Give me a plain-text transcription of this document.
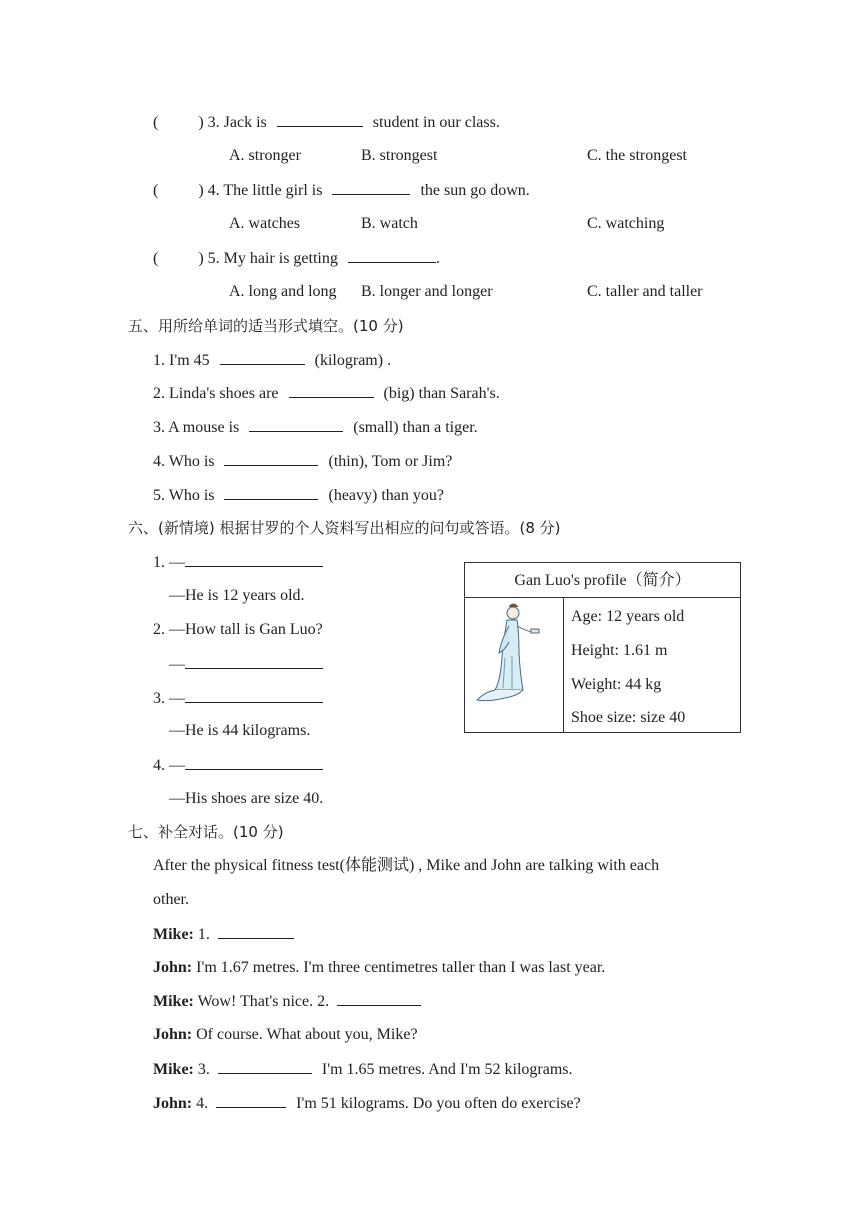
(	) 3. Jack is	student in our class.
A. stronger	B. strongest	C. the strongest
(	) 4. The little girl is	the sun go down.
A. watches	B. watch	C. watching
(	) 5. My hair is getting	.
A. long and long B. longer and longer	C. taller and taller
五、用所给单词的适当形式填空。(10 分)
1. I'm 45	(kilogram) .
2. Linda's shoes are	(big) than Sarah's.
3. A mouse is	(small) than a tiger.
4. Who is	(thin), Tom or Jim?
5. Who is	(heavy) than you?
六、(新情境) 根据甘罗的个人资料写出相应的问句或答语。(8 分)
1. —
—He is 12 years old.
2. —How tall is Gan Luo?
—
3. —
—He is 44 kilograms.
4. —
—His shoes are size 40.
Gan Luo's profile（简介）
Age: 12 years old
Height: 1.61 m
Weight: 44 kg
Shoe size: size 40
七、补全对话。(10 分)
After the physical fitness test(体能测试) , Mike and John are talking with each
other.
Mike: 1.
John: I'm 1.67 metres. I'm three centimetres taller than I was last year.
Mike: Wow! That's nice. 2.
John: Of course. What about you, Mike?
Mike: 3.	I'm 1.65 metres. And I'm 52 kilograms.
John: 4.	I'm 51 kilograms. Do you often do exercise?
